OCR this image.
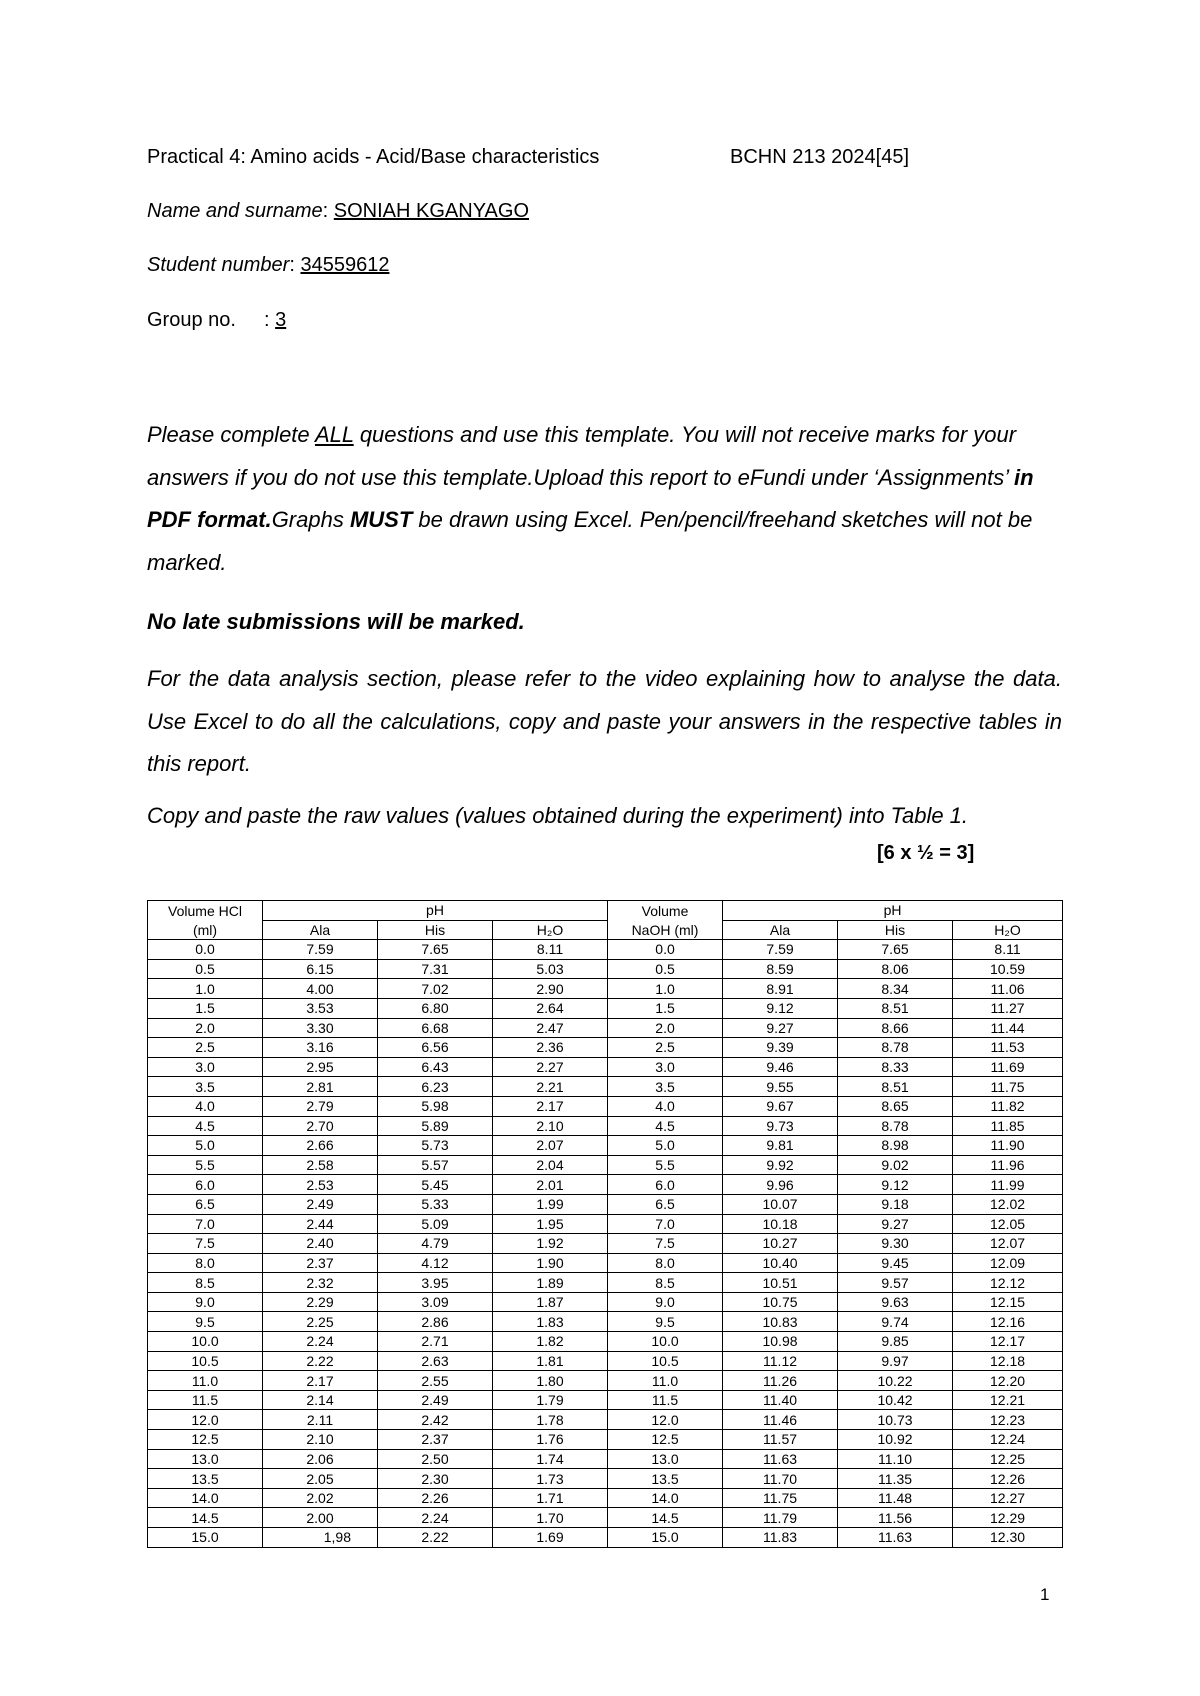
Practical 4: Amino acids - Acid/Base characteristics	BCHN 213 2024[45]
Name and surname: SONIAH KGANYAGO
Student number: 34559612
Group no. : 3
Please complete ALL questions and use this template. You will not receive marks for your answers if you do not use this template.Upload this report to eFundi under ‘Assignments’ in PDF format.Graphs MUST be drawn using Excel. Pen/pencil/freehand sketches will not be marked.
No late submissions will be marked.
For the data analysis section, please refer to the video explaining how to analyse the data. Use Excel to do all the calculations, copy and paste your answers in the respective tables in this report.
Copy and paste the raw values (values obtained during the experiment) into Table 1.
[6 x ½ = 3]
Volume HCl	pH			Volume	pH		
(ml)	Ala	His	H₂O	NaOH (ml)	Ala	His	H₂O
0.0	7.59	7.65	8.11	0.0	7.59	7.65	8.11
0.5	6.15	7.31	5.03	0.5	8.59	8.06	10.59
1.0	4.00	7.02	2.90	1.0	8.91	8.34	11.06
1.5	3.53	6.80	2.64	1.5	9.12	8.51	11.27
2.0	3.30	6.68	2.47	2.0	9.27	8.66	11.44
2.5	3.16	6.56	2.36	2.5	9.39	8.78	11.53
3.0	2.95	6.43	2.27	3.0	9.46	8.33	11.69
3.5	2.81	6.23	2.21	3.5	9.55	8.51	11.75
4.0	2.79	5.98	2.17	4.0	9.67	8.65	11.82
4.5	2.70	5.89	2.10	4.5	9.73	8.78	11.85
5.0	2.66	5.73	2.07	5.0	9.81	8.98	11.90
5.5	2.58	5.57	2.04	5.5	9.92	9.02	11.96
6.0	2.53	5.45	2.01	6.0	9.96	9.12	11.99
6.5	2.49	5.33	1.99	6.5	10.07	9.18	12.02
7.0	2.44	5.09	1.95	7.0	10.18	9.27	12.05
7.5	2.40	4.79	1.92	7.5	10.27	9.30	12.07
8.0	2.37	4.12	1.90	8.0	10.40	9.45	12.09
8.5	2.32	3.95	1.89	8.5	10.51	9.57	12.12
9.0	2.29	3.09	1.87	9.0	10.75	9.63	12.15
9.5	2.25	2.86	1.83	9.5	10.83	9.74	12.16
10.0	2.24	2.71	1.82	10.0	10.98	9.85	12.17
10.5	2.22	2.63	1.81	10.5	11.12	9.97	12.18
11.0	2.17	2.55	1.80	11.0	11.26	10.22	12.20
11.5	2.14	2.49	1.79	11.5	11.40	10.42	12.21
12.0	2.11	2.42	1.78	12.0	11.46	10.73	12.23
12.5	2.10	2.37	1.76	12.5	11.57	10.92	12.24
13.0	2.06	2.50	1.74	13.0	11.63	11.10	12.25
13.5	2.05	2.30	1.73	13.5	11.70	11.35	12.26
14.0	2.02	2.26	1.71	14.0	11.75	11.48	12.27
14.5	2.00	2.24	1.70	14.5	11.79	11.56	12.29
15.0	1,98	2.22	1.69	15.0	11.83	11.63	12.30
1
